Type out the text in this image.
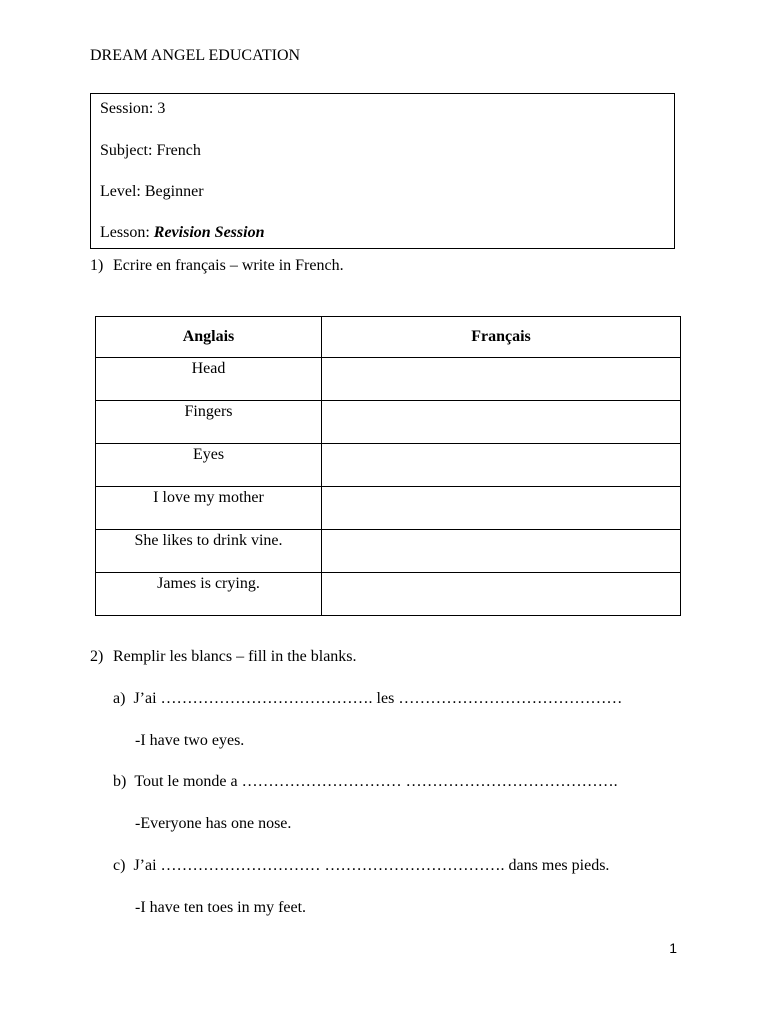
DREAM ANGEL EDUCATION
Session: 3
Subject: French
Level: Beginner
Lesson: Revision Session
1) Ecrire en français – write in French.
Anglais	Français
Head	
Fingers	
Eyes	
I love my mother	
She likes to drink vine.	
James is crying.	
2) Remplir les blancs – fill in the blanks.
a) J’ai …………………………………. les ……………………………………
-I have two eyes.
b) Tout le monde a ………………………… ………………………………….
-Everyone has one nose.
c) J’ai ………………………… ……………………………. dans mes pieds.
-I have ten toes in my feet.
1
